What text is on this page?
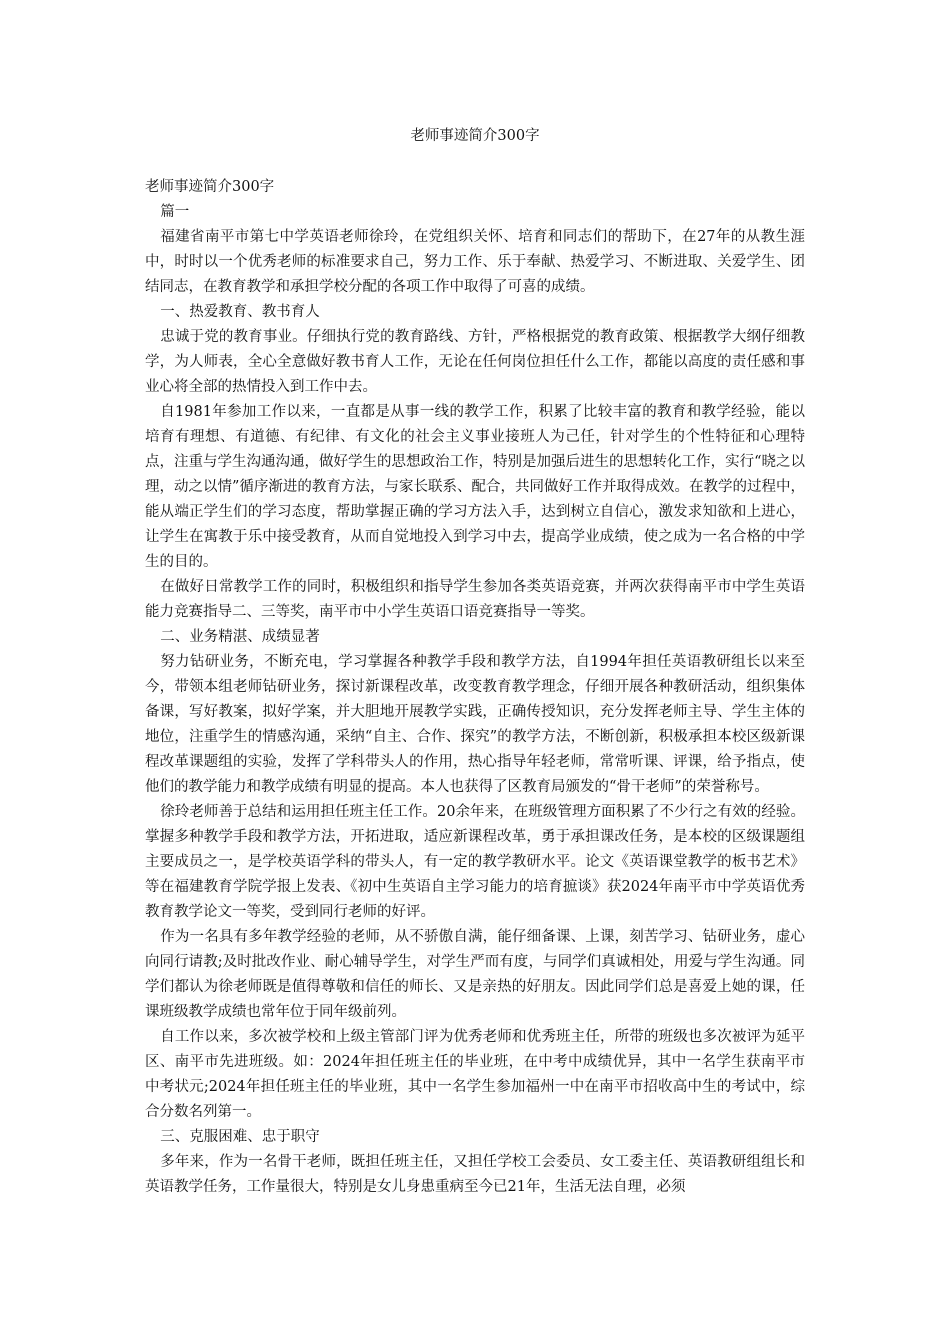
老师事迹简介300字

老师事迹简介300字

篇一

福建省南平市第七中学英语老师徐玲，在党组织关怀、培育和同志们的帮助下，在27年的从教生涯中，时时以一个优秀老师的标准要求自己，努力工作、乐于奉献、热爱学习、不断进取、关爱学生、团结同志，在教育教学和承担学校分配的各项工作中取得了可喜的成绩。

一、热爱教育、教书育人

忠诚于党的教育事业。仔细执行党的教育路线、方针，严格根据党的教育政策、根据教学大纲仔细教学，为人师表，全心全意做好教书育人工作，无论在任何岗位担任什么工作，都能以高度的责任感和事业心将全部的热情投入到工作中去。

自1981年参加工作以来，一直都是从事一线的教学工作，积累了比较丰富的教育和教学经验，能以培育有理想、有道德、有纪律、有文化的社会主义事业接班人为己任，针对学生的个性特征和心理特点，注重与学生沟通沟通，做好学生的思想政治工作，特别是加强后进生的思想转化工作，实行“晓之以理，动之以情”循序渐进的教育方法，与家长联系、配合，共同做好工作并取得成效。在教学的过程中，能从端正学生们的学习态度，帮助掌握正确的学习方法入手，达到树立自信心，激发求知欲和上进心，让学生在寓教于乐中接受教育，从而自觉地投入到学习中去，提高学业成绩，使之成为一名合格的中学生的目的。

在做好日常教学工作的同时，积极组织和指导学生参加各类英语竞赛，并两次获得南平市中学生英语能力竞赛指导二、三等奖，南平市中小学生英语口语竞赛指导一等奖。

二、业务精湛、成绩显著

努力钻研业务，不断充电，学习掌握各种教学手段和教学方法，自1994年担任英语教研组长以来至今，带领本组老师钻研业务，探讨新课程改革，改变教育教学理念，仔细开展各种教研活动，组织集体备课，写好教案，拟好学案，并大胆地开展教学实践，正确传授知识，充分发挥老师主导、学生主体的地位，注重学生的情感沟通，采纳“自主、合作、探究”的教学方法，不断创新，积极承担本校区级新课程改革课题组的实验，发挥了学科带头人的作用，热心指导年轻老师，常常听课、评课，给予指点，使他们的教学能力和教学成绩有明显的提高。本人也获得了区教育局颁发的“骨干老师”的荣誉称号。

徐玲老师善于总结和运用担任班主任工作。20余年来，在班级管理方面积累了不少行之有效的经验。掌握多种教学手段和教学方法，开拓进取，适应新课程改革，勇于承担课改任务，是本校的区级课题组主要成员之一，是学校英语学科的带头人，有一定的教学教研水平。论文《英语课堂教学的板书艺术》等在福建教育学院学报上发表、《初中生英语自主学习能力的培育摭谈》获2024年南平市中学英语优秀教育教学论文一等奖，受到同行老师的好评。

作为一名具有多年教学经验的老师，从不骄傲自满，能仔细备课、上课，刻苦学习、钻研业务，虚心向同行请教;及时批改作业、耐心辅导学生，对学生严而有度，与同学们真诚相处，用爱与学生沟通。同学们都认为徐老师既是值得尊敬和信任的师长、又是亲热的好朋友。因此同学们总是喜爱上她的课，任课班级教学成绩也常年位于同年级前列。

自工作以来，多次被学校和上级主管部门评为优秀老师和优秀班主任，所带的班级也多次被评为延平区、南平市先进班级。如：2024年担任班主任的毕业班，在中考中成绩优异，其中一名学生获南平市中考状元;2024年担任班主任的毕业班，其中一名学生参加福州一中在南平市招收高中生的考试中，综合分数名列第一。

三、克服困难、忠于职守

多年来，作为一名骨干老师，既担任班主任，又担任学校工会委员、女工委主任、英语教研组组长和英语教学任务，工作量很大，特别是女儿身患重病至今已21年，生活无法自理，必须
